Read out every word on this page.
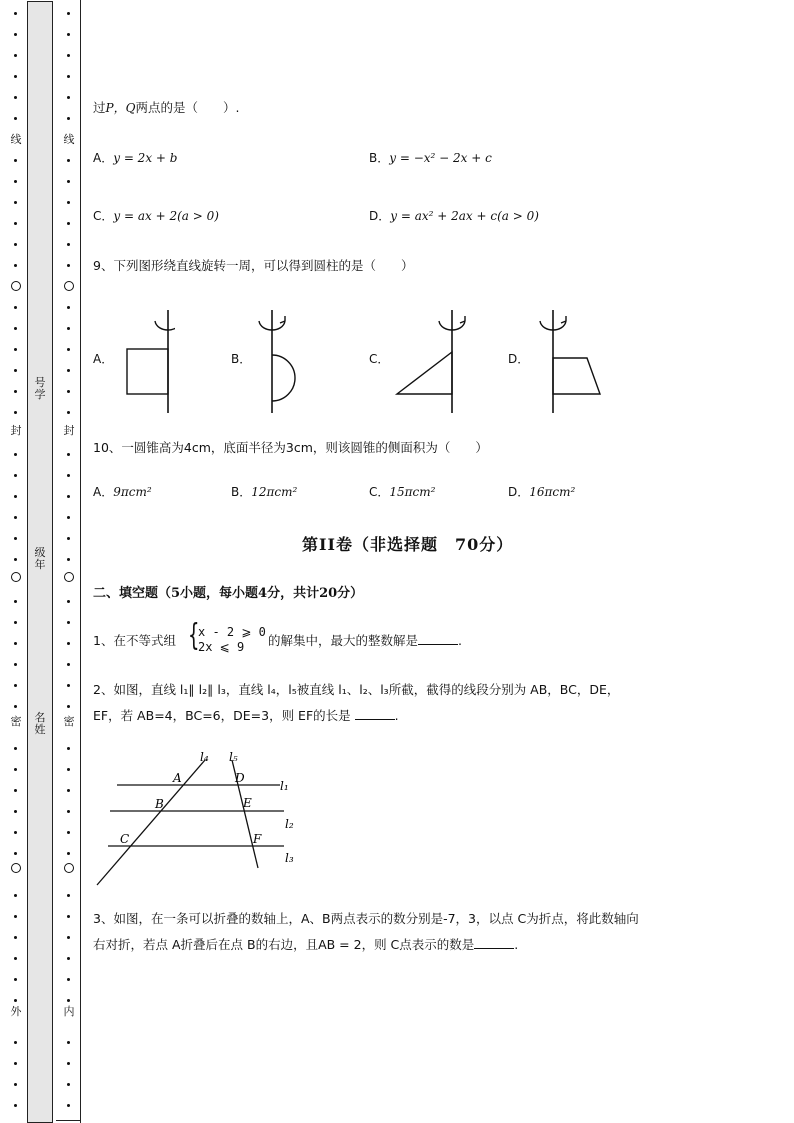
线
封
密
外
号
学
级
年
名
姓
线
封
密
内
过P，Q两点的是（　　）.
A．y = 2x + b	B．y = −x² − 2x + c
C．y = ax + 2(a > 0)	D．y = ax² + 2ax + c(a > 0)
9、下列图形绕直线旋转一周，可以得到圆柱的是（　　）
A．	B．	C．	D．
10、一圆锥高为4cm，底面半径为3cm，则该圆锥的侧面积为（　　）
A．9πcm²	B．12πcm²	C．15πcm²	D．16πcm²
第II卷（非选择题　70分）
二、填空题（5小题，每小题4分，共计20分）
1、在不等式组 {
x - 2 ⩾ 0
2x ⩽ 9 的解集中，最大的整数解是	.
2、如图，直线 l₁∥ l₂∥ l₃，直线 l₄，l₅被直线 l₁、l₂、l₃所截，截得的线段分别为 AB，BC，DE，
EF，若 AB=4，BC=6，DE=3，则 EF的长是	.
l₄ l₅
A	D
l₁
B	E
l₂
C	F
l₃
3、如图，在一条可以折叠的数轴上，A、B两点表示的数分别是-7，3，以点 C为折点，将此数轴向
右对折，若点 A折叠后在点 B的右边，且AB = 2，则 C点表示的数是	.
